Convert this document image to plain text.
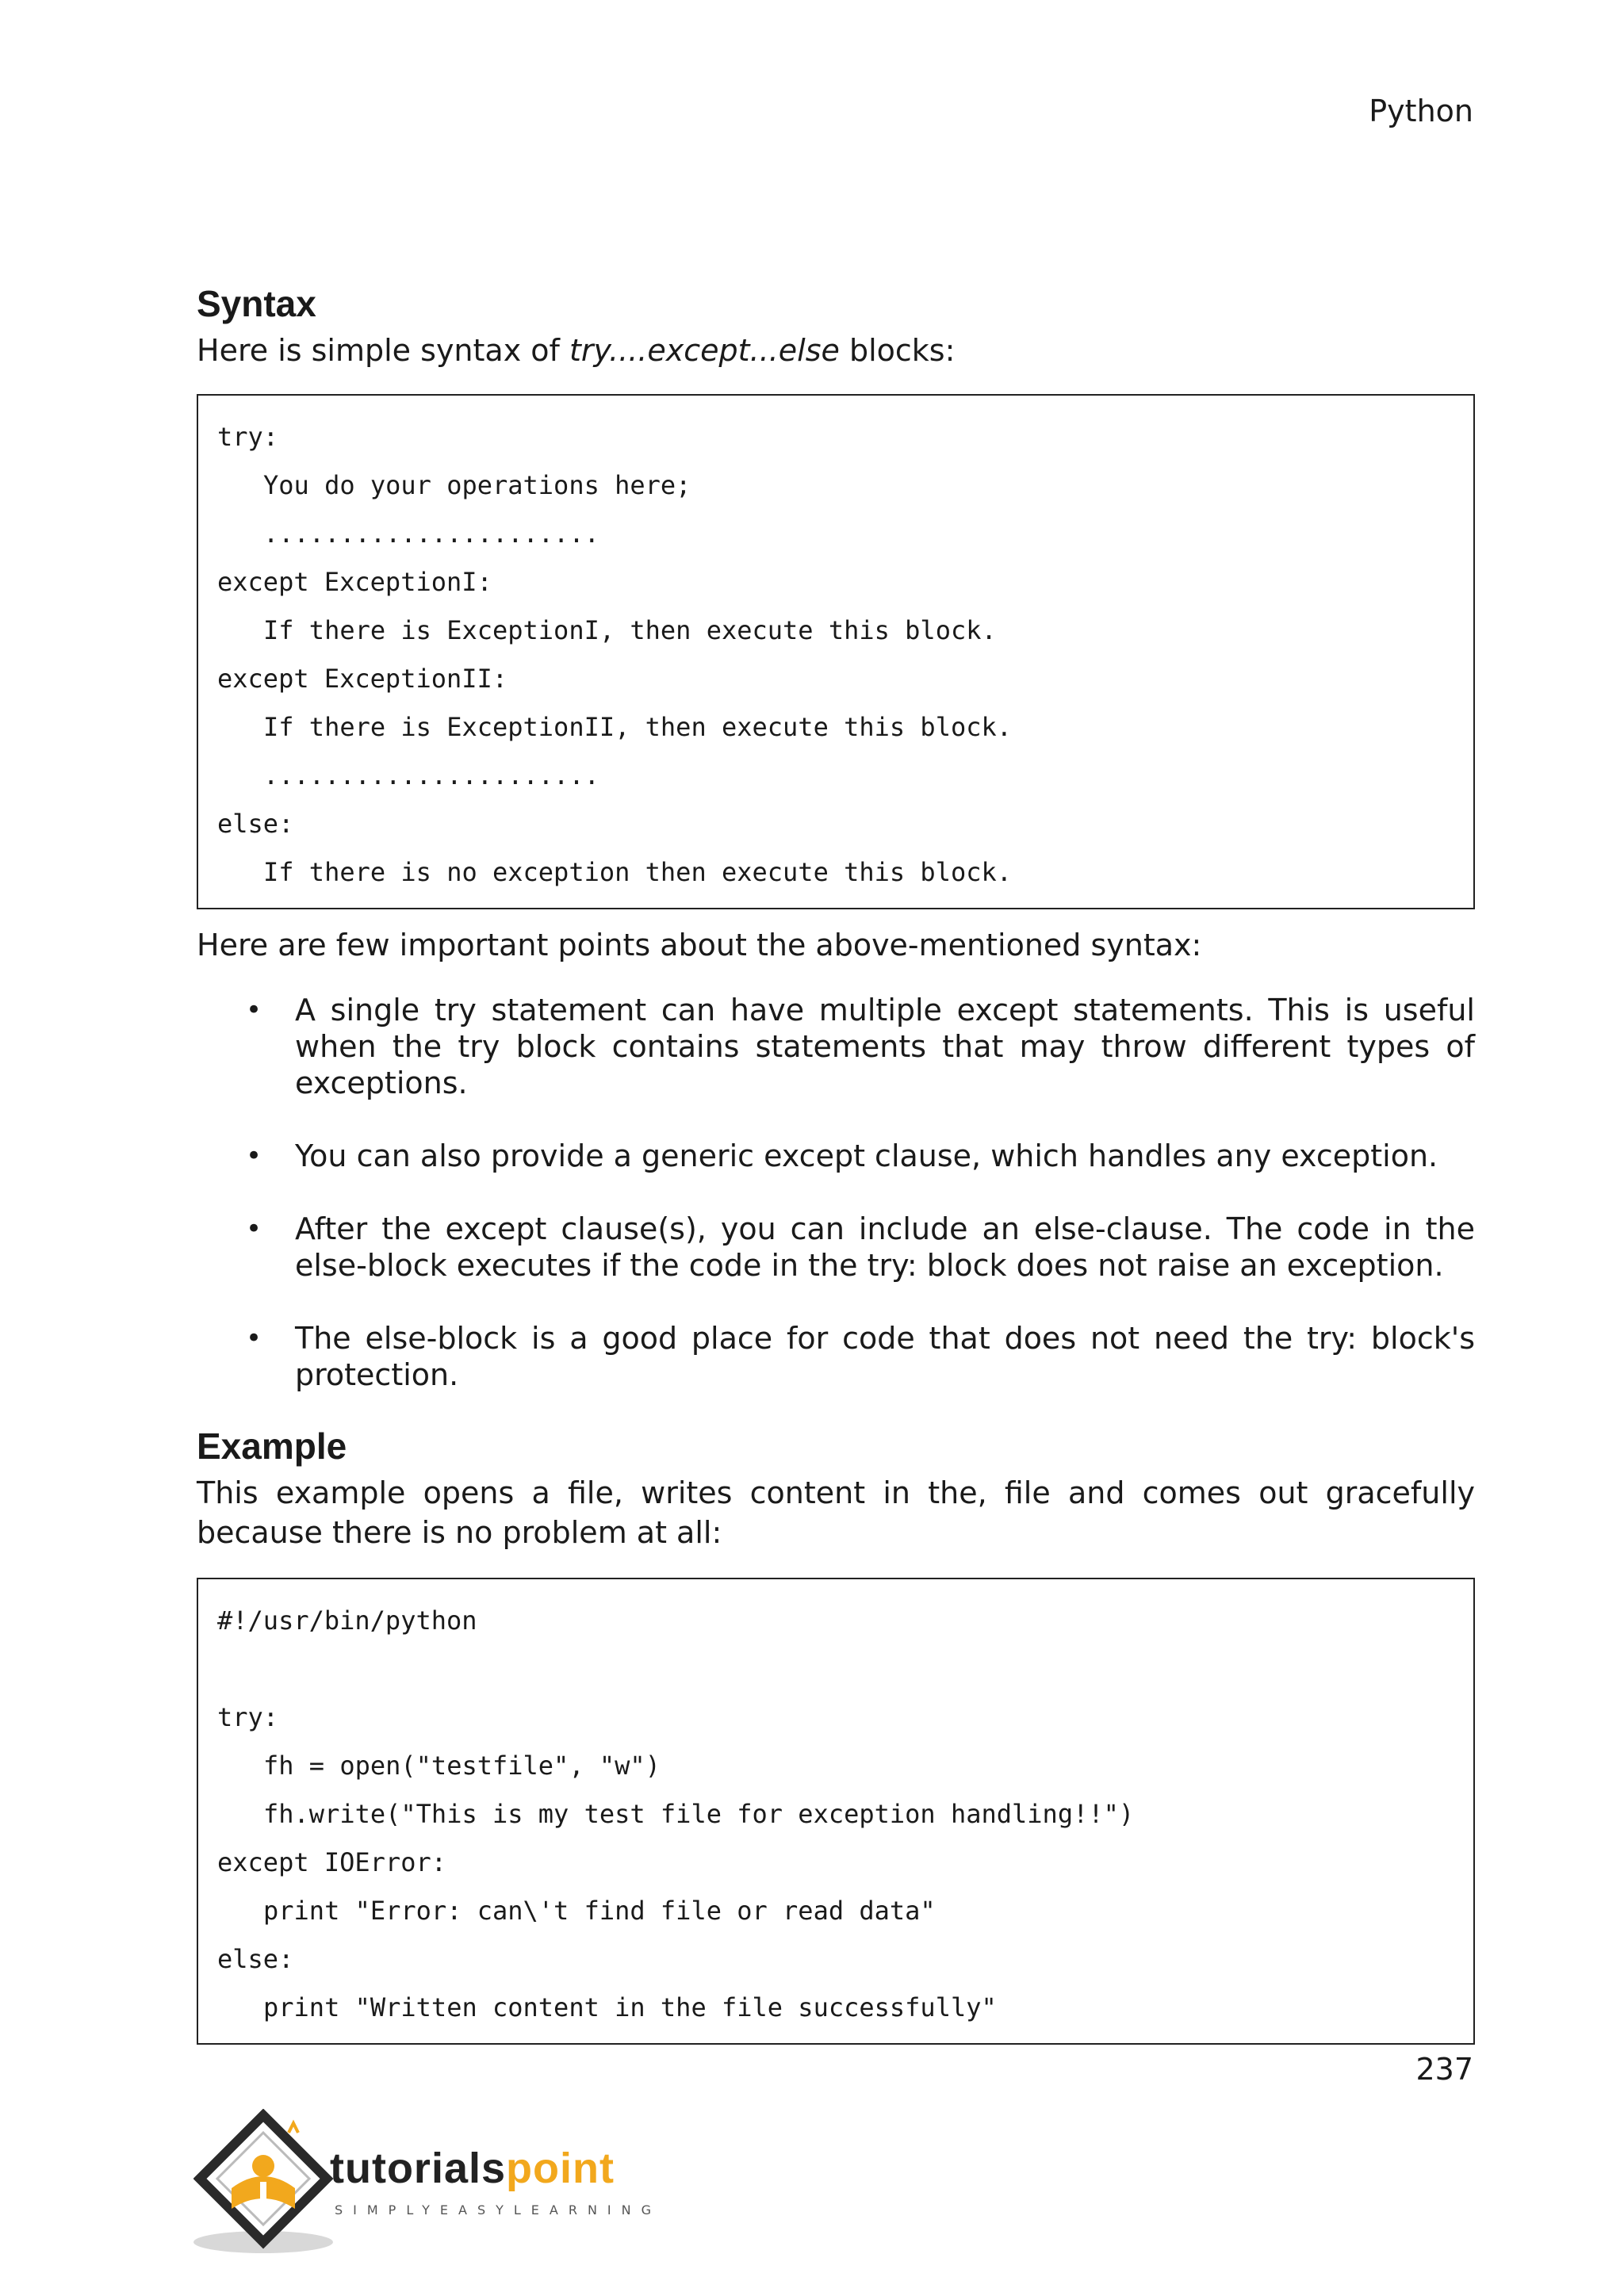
Python
Syntax

Here is simple syntax of try....except...else blocks:

try:
You do your operations here;
......................
except ExceptionI:
If there is ExceptionI, then execute this block.
except ExceptionII:
If there is ExceptionII, then execute this block.
......................
else:
If there is no exception then execute this block.

Here are few important points about the above-mentioned syntax:

• A single try statement can have multiple except statements. This is useful when the try block contains statements that may throw different types of exceptions.
• You can also provide a generic except clause, which handles any exception.
• After the except clause(s), you can include an else-clause. The code in the else-block executes if the code in the try: block does not raise an exception.
• The else-block is a good place for code that does not need the try: block's protection.
Example

This example opens a file, writes content in the, file and comes out gracefully because there is no problem at all:

#!/usr/bin/python
try:
fh = open("testfile", "w")
fh.write("This is my test file for exception handling!!")
except IOError:
print "Error: can\'t find file or read data"
else:
print "Written content in the file successfully"
237
tutorialspoint
SIMPLYEASYLEARNING
